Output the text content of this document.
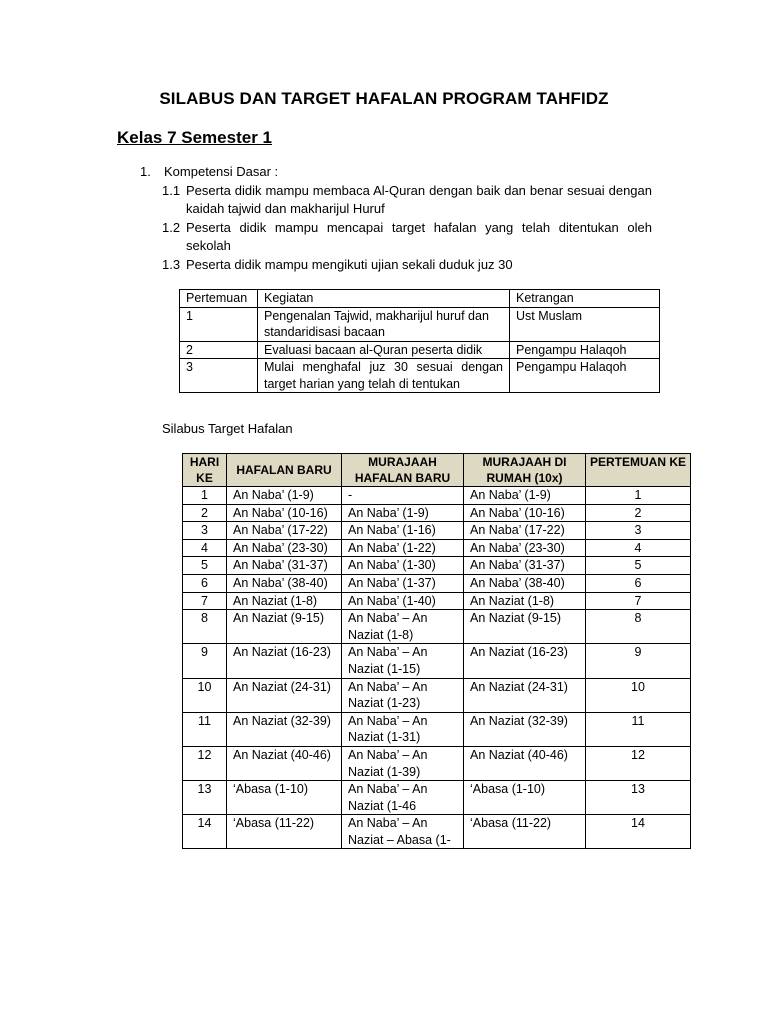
SILABUS DAN TARGET HAFALAN PROGRAM TAHFIDZ
Kelas 7 Semester 1
1.	Kompetensi Dasar :
1.1 Peserta didik mampu membaca Al-Quran dengan baik dan benar sesuai dengan kaidah tajwid dan makharijul Huruf
1.2 Peserta didik mampu mencapai target hafalan yang telah ditentukan oleh sekolah
1.3 Peserta didik mampu mengikuti ujian sekali duduk juz 30
Pertemuan	Kegiatan	Ketrangan
1	Pengenalan Tajwid, makharijul huruf dan standaridisasi bacaan	Ust Muslam
2	Evaluasi bacaan al-Quran peserta didik	Pengampu Halaqoh
3	Mulai menghafal juz 30 sesuai dengan target harian yang telah di tentukan	Pengampu Halaqoh
Silabus Target Hafalan
HARI KE	HAFALAN BARU	MURAJAAH HAFALAN BARU	MURAJAAH DI RUMAH (10x)	PERTEMUAN KE
1	An Naba’ (1-9)	-	An Naba’ (1-9)	1
2	An Naba’ (10-16)	An Naba’ (1-9)	An Naba’ (10-16)	2
3	An Naba’ (17-22)	An Naba’ (1-16)	An Naba’ (17-22)	3
4	An Naba’ (23-30)	An Naba’ (1-22)	An Naba’ (23-30)	4
5	An Naba’ (31-37)	An Naba’ (1-30)	An Naba’ (31-37)	5
6	An Naba’ (38-40)	An Naba’ (1-37)	An Naba’ (38-40)	6
7	An Naziat (1-8)	An Naba’ (1-40)	An Naziat (1-8)	7
8	An Naziat (9-15)	An Naba’ – An Naziat (1-8)	An Naziat (9-15)	8
9	An Naziat (16-23)	An Naba’ – An Naziat (1-15)	An Naziat (16-23)	9
10	An Naziat (24-31)	An Naba’ – An Naziat (1-23)	An Naziat (24-31)	10
11	An Naziat (32-39)	An Naba’ – An Naziat (1-31)	An Naziat (32-39)	11
12	An Naziat (40-46)	An Naba’ – An Naziat (1-39)	An Naziat (40-46)	12
13	‘Abasa (1-10)	An Naba’ – An Naziat (1-46	‘Abasa (1-10)	13
14	‘Abasa (11-22)	An Naba’ – An Naziat – Abasa (1-	‘Abasa (11-22)	14
